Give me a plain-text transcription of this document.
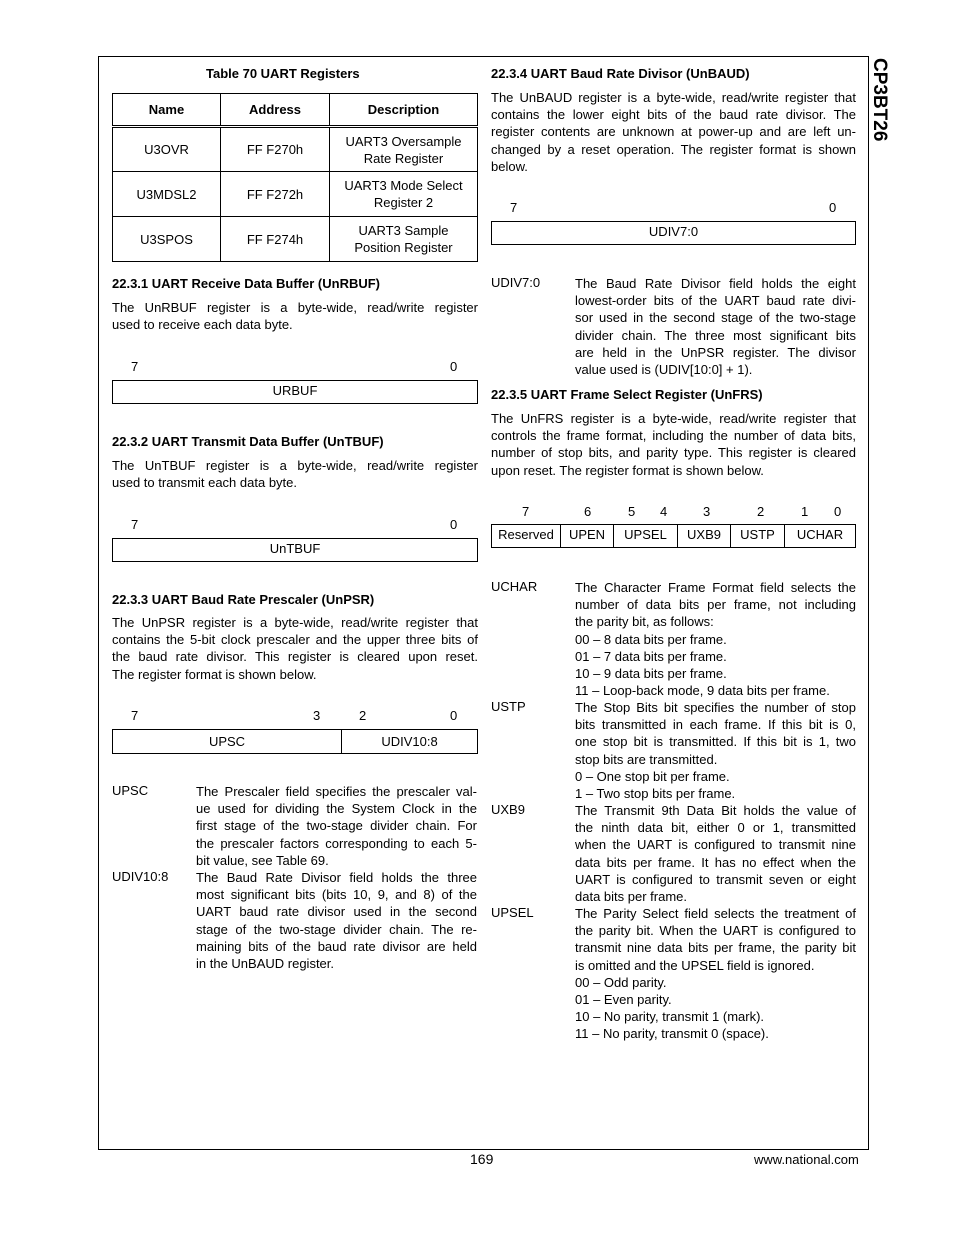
CP3BT26
Table 70 UART Registers
Name	Address	Description
U3OVR	FF F270h	UART3 Oversample
Rate Register
U3MDSL2	FF F272h	UART3 Mode Select
Register 2
U3SPOS	FF F274h	UART3 Sample
Position Register
22.3.1 UART Receive Data Buffer (UnRBUF)
The UnRBUF register is a byte-wide, read/write register
used to receive each data byte.
7	0
URBUF
22.3.2 UART Transmit Data Buffer (UnTBUF)
The UnTBUF register is a byte-wide, read/write register
used to transmit each data byte.
7	0
UnTBUF
22.3.3 UART Baud Rate Prescaler (UnPSR)
The UnPSR register is a byte-wide, read/write register that
contains the 5-bit clock prescaler and the upper three bits of
the baud rate divisor. This register is cleared upon reset.
The register format is shown below.
7	3	2	0
UPSC	UDIV10:8
UPSC	The Prescaler field specifies the prescaler val-
ue used for dividing the System Clock in the
first stage of the two-stage divider chain. For
the prescaler factors corresponding to each 5-
bit value, see Table 69.
UDIV10:8 The Baud Rate Divisor field holds the three
most significant bits (bits 10, 9, and 8) of the
UART baud rate divisor used in the second
stage of the two-stage divider chain. The re-
maining bits of the baud rate divisor are held
in the UnBAUD register.
22.3.4 UART Baud Rate Divisor (UnBAUD)
The UnBAUD register is a byte-wide, read/write register that
contains the lower eight bits of the baud rate divisor. The
register contents are unknown at power-up and are left un-
changed by a reset operation. The register format is shown
below.
7	0
UDIV7:0
UDIV7:0	The Baud Rate Divisor field holds the eight
lowest-order bits of the UART baud rate divi-
sor used in the second stage of the two-stage
divider chain. The three most significant bits
are held in the UnPSR register. The divisor
value used is (UDIV[10:0] + 1).
22.3.5 UART Frame Select Register (UnFRS)
The UnFRS register is a byte-wide, read/write register that
controls the frame format, including the number of data bits,
number of stop bits, and parity type. This register is cleared
upon reset. The register format is shown below.
7	6	5 4	3	2	1 0
Reserved	UPEN	UPSEL	UXB9	USTP	UCHAR
UCHAR	The Character Frame Format field selects the
number of data bits per frame, not including
the parity bit, as follows:
00 – 8 data bits per frame.
01 – 7 data bits per frame.
10 – 9 data bits per frame.
11 – Loop-back mode, 9 data bits per frame.
USTP	The Stop Bits bit specifies the number of stop
bits transmitted in each frame. If this bit is 0,
one stop bit is transmitted. If this bit is 1, two
stop bits are transmitted.
0 – One stop bit per frame.
1 – Two stop bits per frame.
UXB9	The Transmit 9th Data Bit holds the value of
the ninth data bit, either 0 or 1, transmitted
when the UART is configured to transmit nine
data bits per frame. It has no effect when the
UART is configured to transmit seven or eight
data bits per frame.
UPSEL	The Parity Select field selects the treatment of
the parity bit. When the UART is configured to
transmit nine data bits per frame, the parity bit
is omitted and the UPSEL field is ignored.
00 – Odd parity.
01 – Even parity.
10 – No parity, transmit 1 (mark).
11 – No parity, transmit 0 (space).
169	www.national.com
